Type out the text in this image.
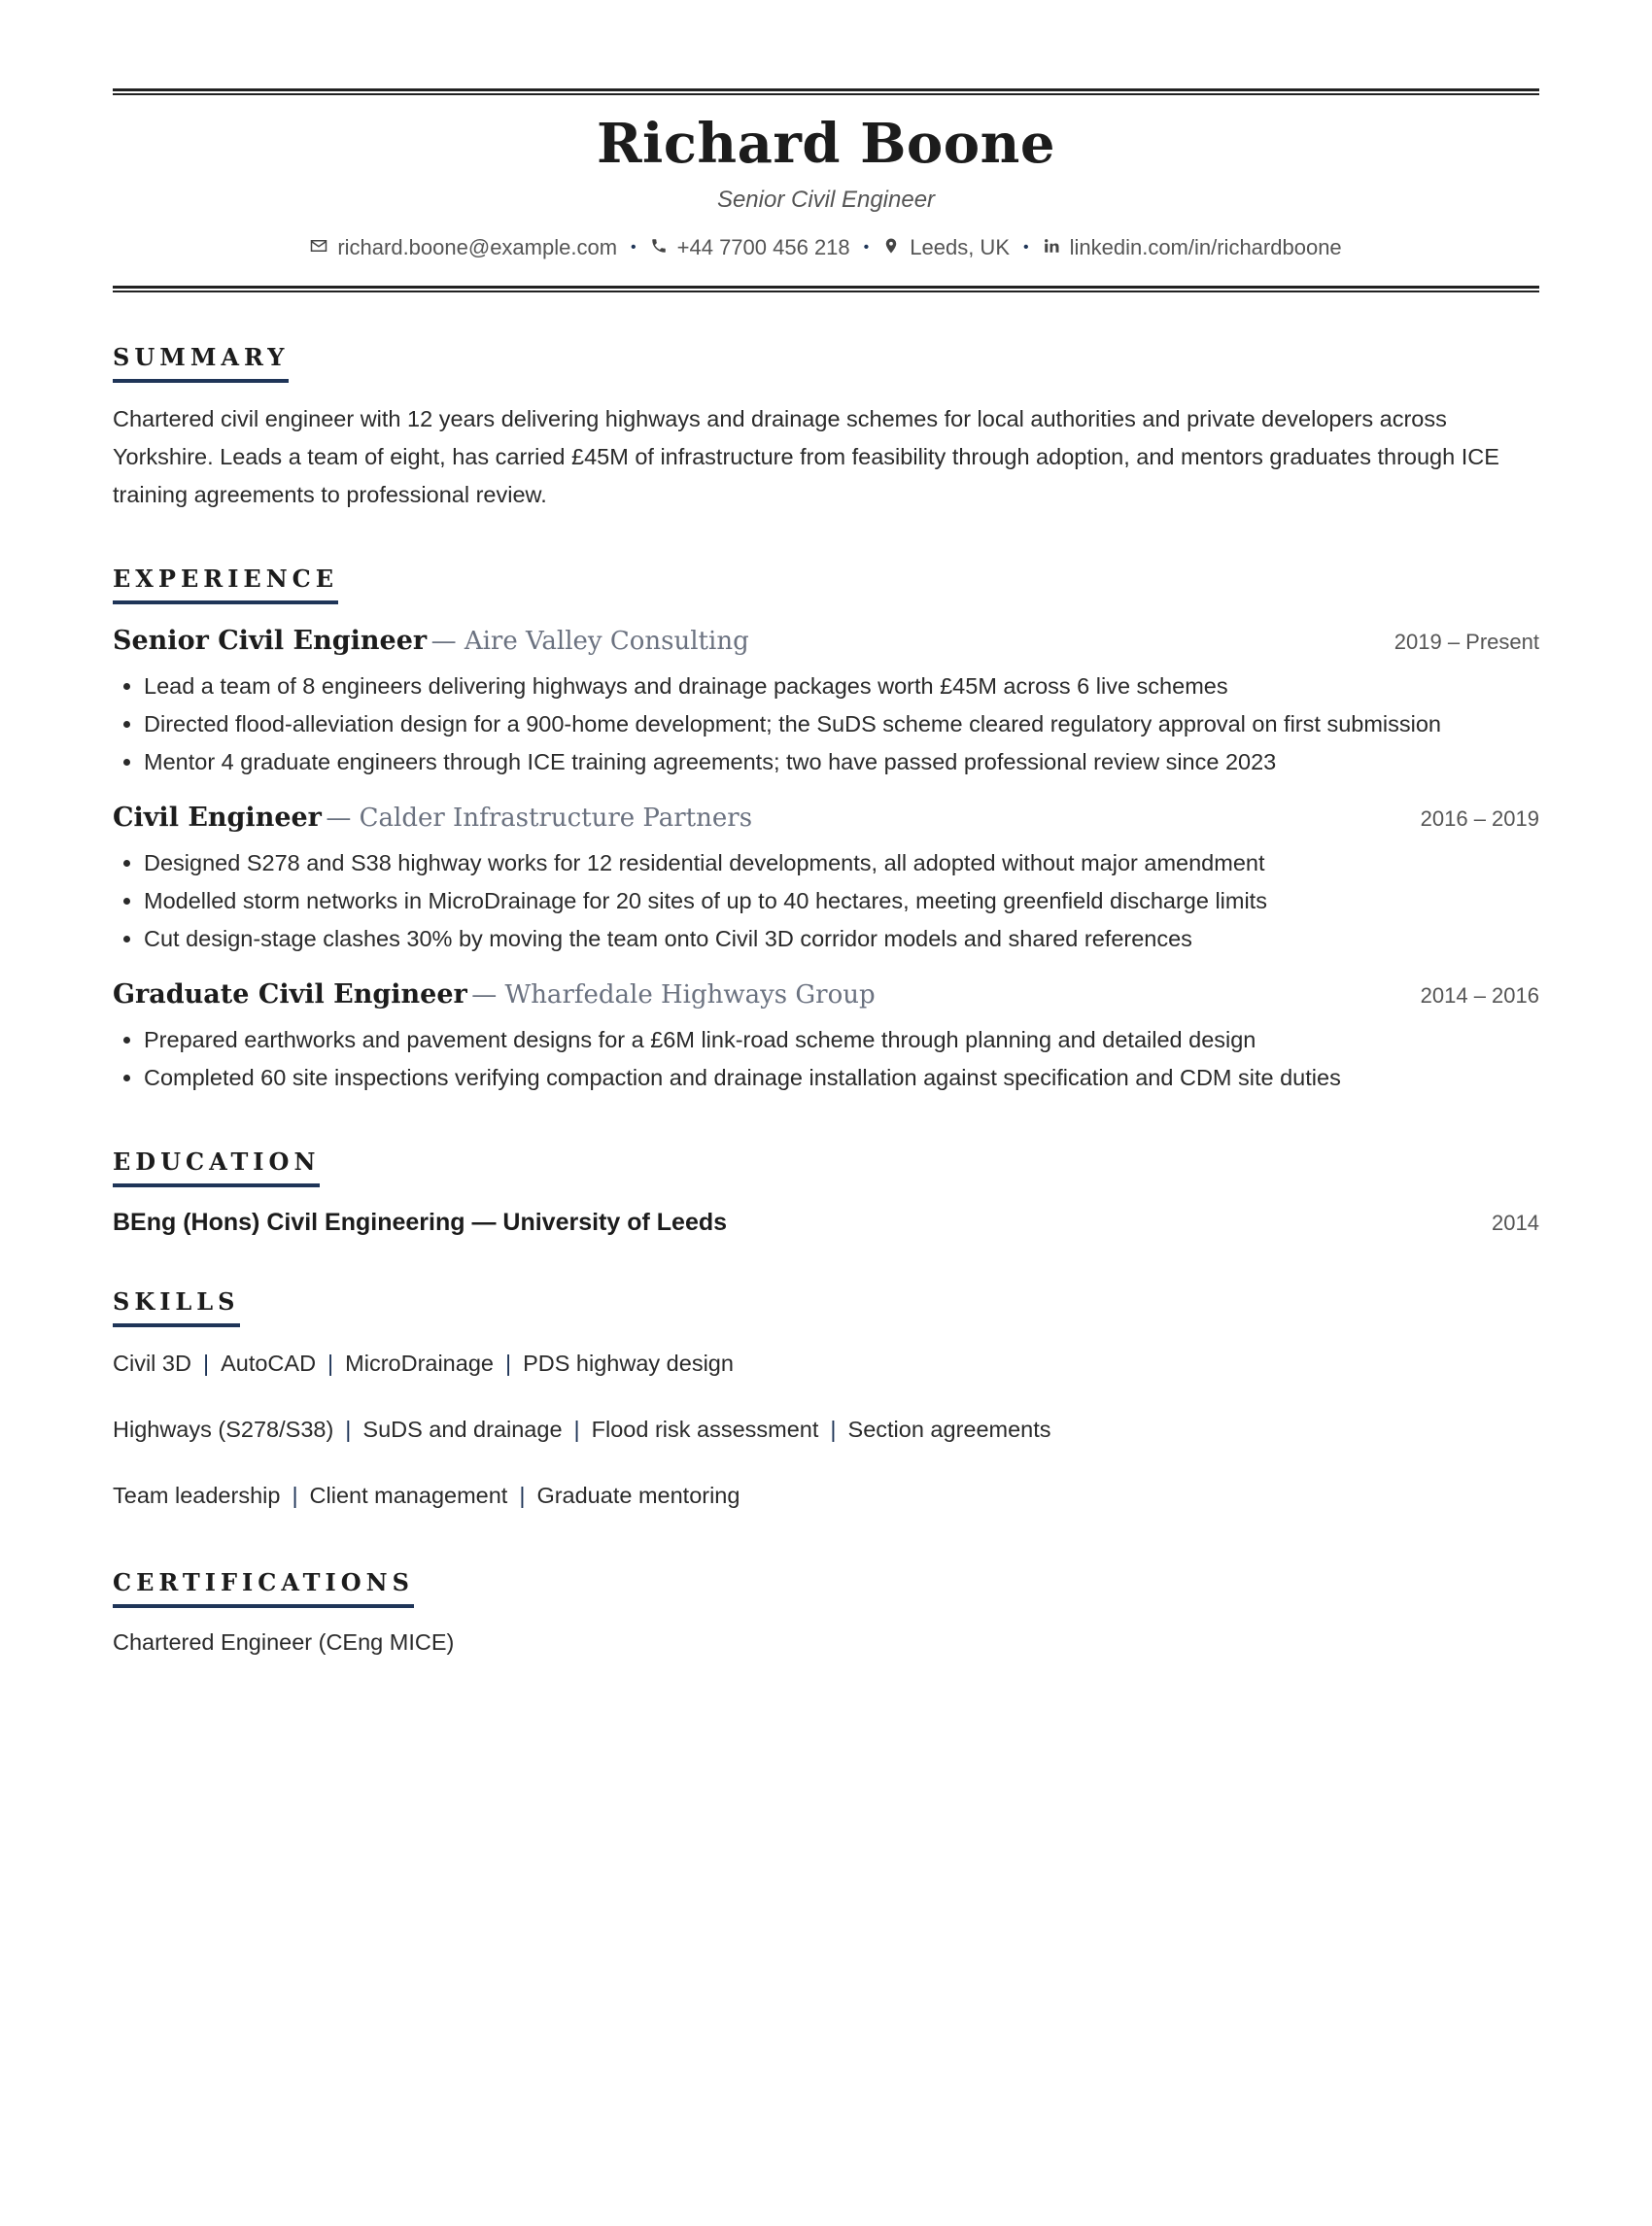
Richard Boone
Senior Civil Engineer
richard.boone@example.com • +44 7700 456 218 • Leeds, UK • linkedin.com/in/richardboone
SUMMARY
Chartered civil engineer with 12 years delivering highways and drainage schemes for local authorities and private developers across Yorkshire. Leads a team of eight, has carried £45M of infrastructure from feasibility through adoption, and mentors graduates through ICE training agreements to professional review.
EXPERIENCE
Senior Civil Engineer — Aire Valley Consulting	2019 – Present
• Lead a team of 8 engineers delivering highways and drainage packages worth £45M across 6 live schemes
• Directed flood-alleviation design for a 900-home development; the SuDS scheme cleared regulatory approval on first submission
• Mentor 4 graduate engineers through ICE training agreements; two have passed professional review since 2023
Civil Engineer — Calder Infrastructure Partners	2016 – 2019
• Designed S278 and S38 highway works for 12 residential developments, all adopted without major amendment
• Modelled storm networks in MicroDrainage for 20 sites of up to 40 hectares, meeting greenfield discharge limits
• Cut design-stage clashes 30% by moving the team onto Civil 3D corridor models and shared references
Graduate Civil Engineer — Wharfedale Highways Group	2014 – 2016
• Prepared earthworks and pavement designs for a £6M link-road scheme through planning and detailed design
• Completed 60 site inspections verifying compaction and drainage installation against specification and CDM site duties
EDUCATION
BEng (Hons) Civil Engineering — University of Leeds	2014
SKILLS
Civil 3D | AutoCAD | MicroDrainage | PDS highway design
Highways (S278/S38) | SuDS and drainage | Flood risk assessment | Section agreements
Team leadership | Client management | Graduate mentoring
CERTIFICATIONS
Chartered Engineer (CEng MICE)
